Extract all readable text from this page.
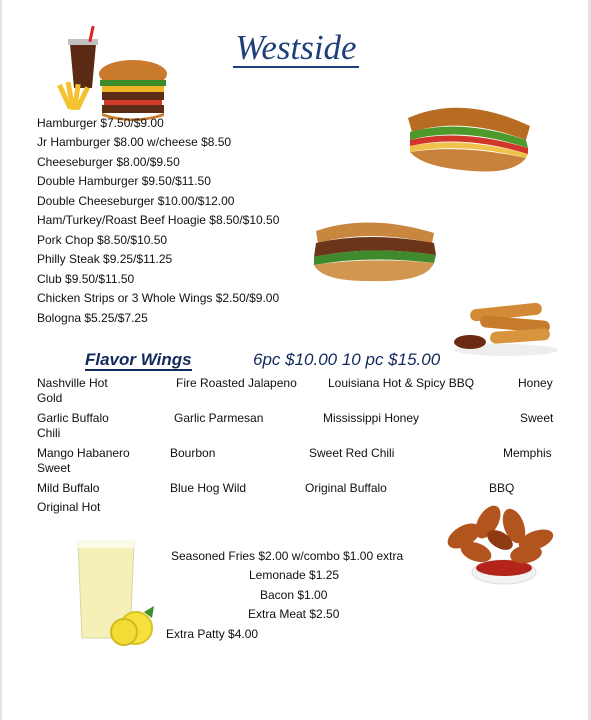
Westside
Hamburger $7.50/$9.00
Jr Hamburger $8.00 w/cheese $8.50
Cheeseburger $8.00/$9.50
Double Hamburger $9.50/$11.50
Double Cheeseburger $10.00/$12.00
Ham/Turkey/Roast Beef Hoagie $8.50/$10.50
Pork Chop $8.50/$10.50
Philly Steak $9.25/$11.25
Club $9.50/$11.50
Chicken Strips or 3 Whole Wings $2.50/$9.00
Bologna $5.25/$7.25
Flavor Wings	6pc $10.00 10 pc $15.00
Nashville Hot	Fire Roasted Jalapeno	Louisiana Hot & Spicy BBQ	Honey
Gold
Garlic Buffalo	Garlic Parmesan	Mississippi Honey	Sweet
Chili
Mango Habanero	Bourbon	Sweet Red Chili	Memphis
Sweet
Mild Buffalo	Blue Hog Wild	Original Buffalo	BBQ
Original Hot
Seasoned Fries $2.00 w/combo $1.00 extra
Lemonade $1.25
Bacon $1.00
Extra Meat $2.50
Extra Patty $4.00
